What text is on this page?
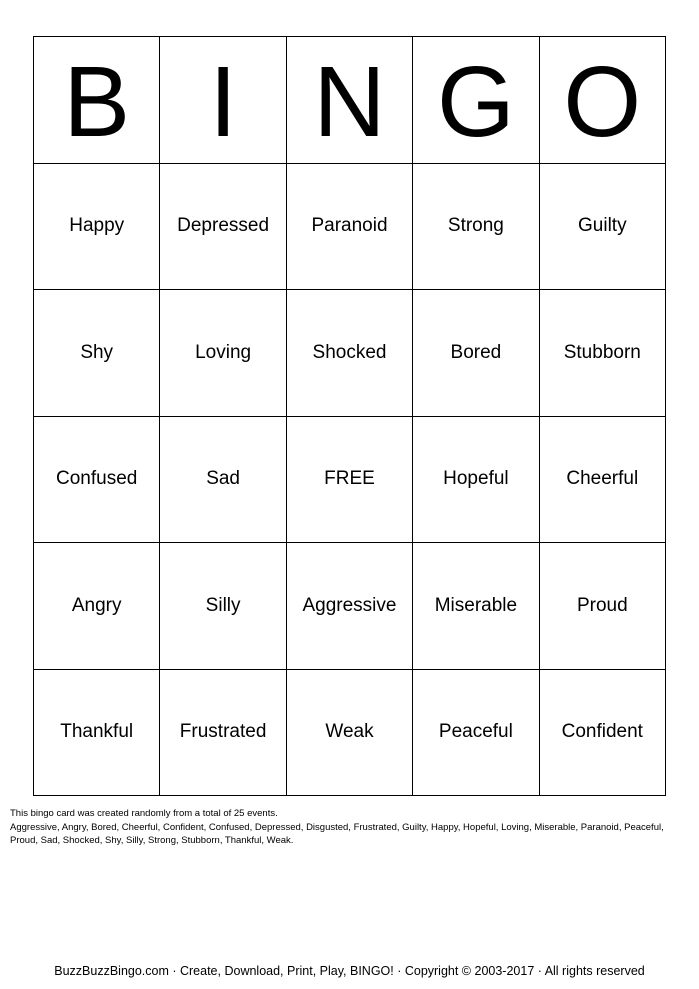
B I N G O
Happy	Depressed	Paranoid	Strong	Guilty
Shy	Loving	Shocked	Bored	Stubborn
Confused	Sad	FREE	Hopeful	Cheerful
Angry	Silly	Aggressive	Miserable	Proud
Thankful	Frustrated	Weak	Peaceful	Confident
This bingo card was created randomly from a total of 25 events.
Aggressive, Angry, Bored, Cheerful, Confident, Confused, Depressed, Disgusted, Frustrated, Guilty, Happy, Hopeful, Loving, Miserable, Paranoid, Peaceful, Proud, Sad, Shocked, Shy, Silly, Strong, Stubborn, Thankful, Weak.
BuzzBuzzBingo.com · Create, Download, Print, Play, BINGO! · Copyright © 2003-2017 · All rights reserved
